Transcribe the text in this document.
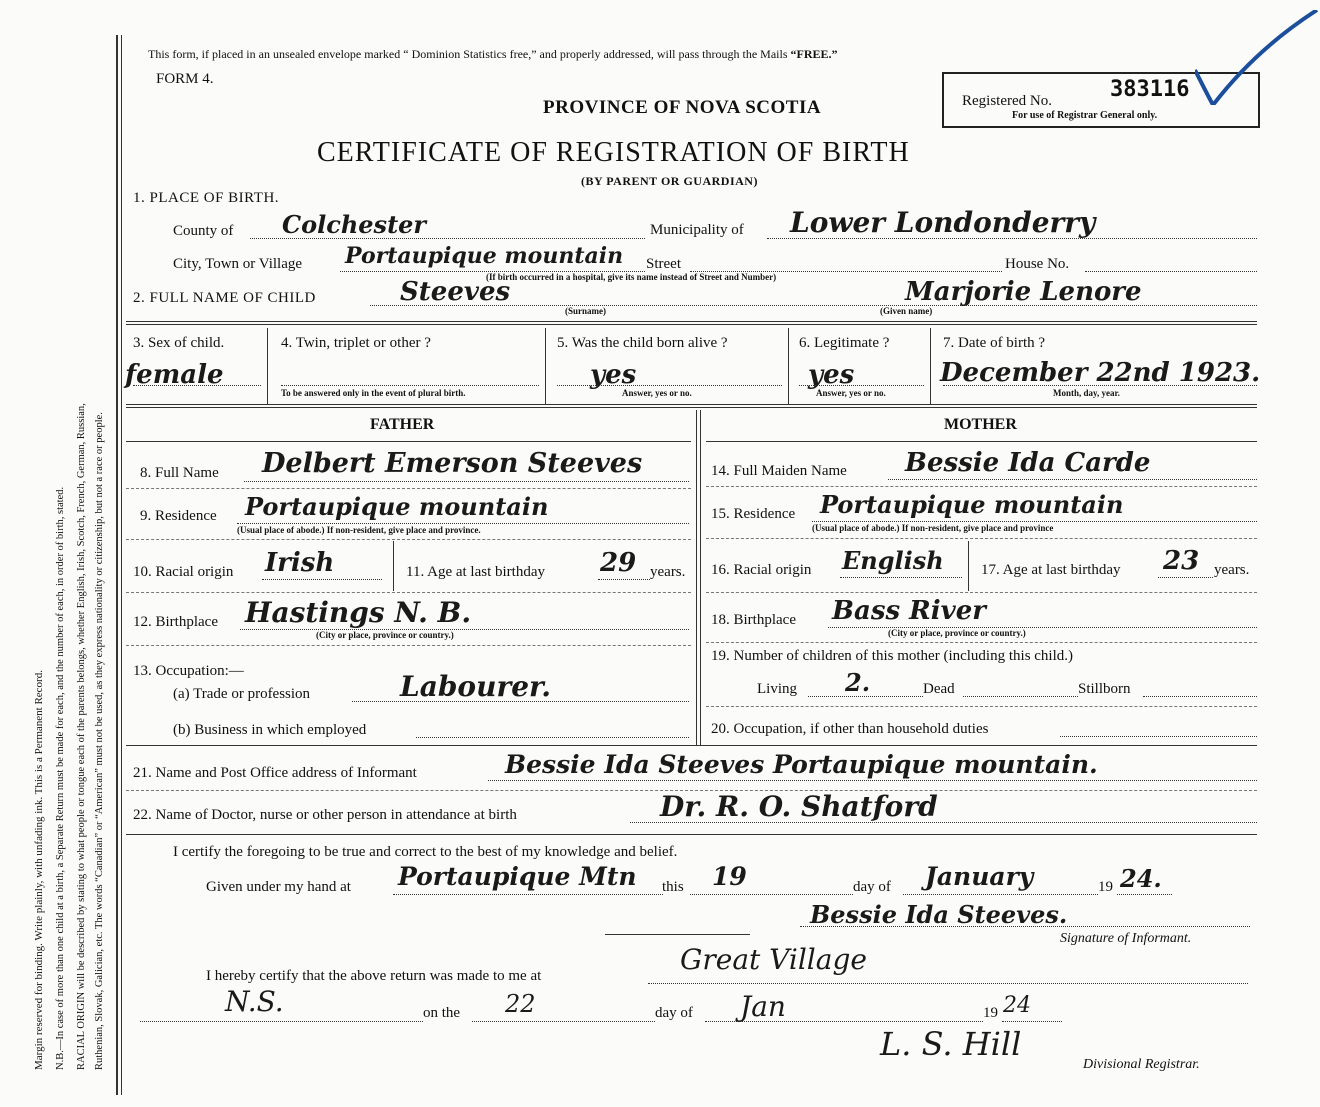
Margin reserved for binding. Write plainly, with unfading ink. This is a Permanent Record. N.B.—In case of more than one child at a birth, a Separate Return must be made for each, and the number of each, in order of birth, stated. RACIAL ORIGIN will be described by stating to what people or tongue each of the parents belongs, whether English, Irish, Scotch, French, German, Russian, Ruthenian, Slovak, Galician, etc. The words “Canadian” or “American” must not be used, as they express nationality or citizenship, but not a race or people.
This form, if placed in an unsealed envelope marked “ Dominion Statistics free,” and properly addressed, will pass through the Mails “FREE.”
FORM 4.
PROVINCE OF NOVA SCOTIA
CERTIFICATE OF REGISTRATION OF BIRTH
(BY PARENT OR GUARDIAN)
Registered No.	383116
For use of Registrar General only.
1. PLACE OF BIRTH.
County of Colchester	Municipality of Lower Londonderry
City, Town or Village Portaupique mountain Street
(If birth occurred in a hospital, give its name instead of Street and Number)
House No.
2. FULL NAME OF CHILD	Steeves
(Surname)
Marjorie Lenore
(Given name)
3. Sex of child.
female
4. Twin, triplet or other ?
To be answered only in the event of plural birth.
5. Was the child born alive ?
yes
Answer, yes or no.
6. Legitimate ?
yes
Answer, yes or no.
7. Date of birth ?
December 22nd 1923.
Month, day, year.
FATHER
8. Full Name Delbert Emerson Steeves
9. Residence Portaupique mountain
(Usual place of abode.) If non-resident, give place and province.
10. Racial origin Irish	11. Age at last birthday 29 years.
12. Birthplace Hastings N. B.
(City or place, province or country.)
13. Occupation:—
(a) Trade or profession	Labourer.
(b) Business in which employed
MOTHER
14. Full Maiden Name Bessie Ida Carde
15. Residence Portaupique mountain
(Usual place of abode.) If non-resident, give place and province
16. Racial origin English 17. Age at last birthday 23 years.
18. Birthplace Bass River
(City or place, province or country.)
19. Number of children of this mother (including this child.)
Living 2.	Dead	Stillborn
20. Occupation, if other than household duties
21. Name and Post Office address of Informant	Bessie Ida Steeves Portaupique mountain.
22. Name of Doctor, nurse or other person in attendance at birth	Dr. R. O. Shatford
I certify the foregoing to be true and correct to the best of my knowledge and belief.
Given under my hand at Portaupique Mtn this 19	day of January	19 24.
Bessie Ida Steeves.
Signature of Informant.
I hereby certify that the above return was made to me at	Great Village
N.S.	on the 22	day of Jan	19 24
L. S. Hill
Divisional Registrar.
